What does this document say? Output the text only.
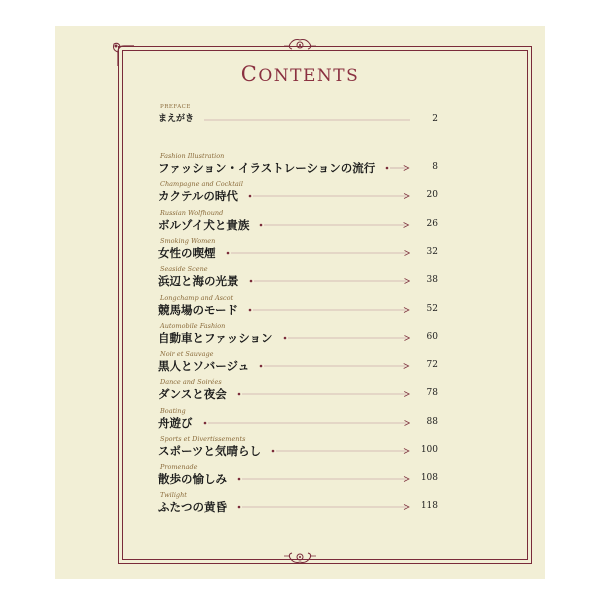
CONTENTS
PREFACE
まえがき
Fashion Illustration
ファッション・イラストレーションの流行
Champagne and Cocktail
カクテルの時代
Russian Wolfhound
ボルゾイ犬と貴族
Smoking Women
女性の喫煙
Seaside Scene
浜辺と海の光景
Longchamp and Ascot
競馬場のモード
Automobile Fashion
自動車とファッション
Noir et Sauvage
黒人とソバージュ
Dance and Soirées
ダンスと夜会
Boating
舟遊び
Sports et Divertissements
スポーツと気晴らし
Promenade
散歩の愉しみ
Twilight
ふたつの黄昏
2
8
20
26
32
38
52
60
72
78
88
100
108
118
